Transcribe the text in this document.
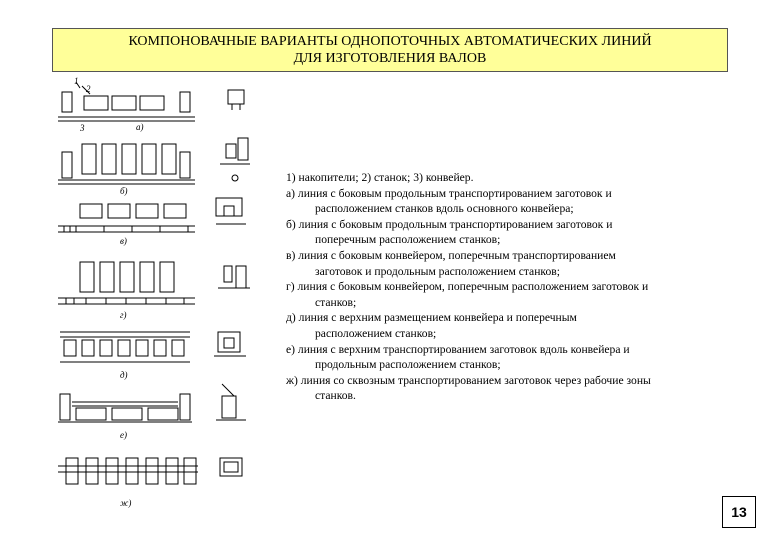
КОМПОНОВАЧНЫЕ ВАРИАНТЫ ОДНОПОТОЧНЫХ АВТОМАТИЧЕСКИХ ЛИНИЙ
ДЛЯ ИЗГОТОВЛЕНИЯ ВАЛОВ
1
2
3	а)
б)
в)
г)
д)
е)
ж)

1) накопители; 2) станок; 3) конвейер.

а) линия с боковым продольным транспортированием заготовок и
расположением станков вдоль основного конвейера;

б) линия с боковым продольным транспортированием заготовок и
поперечным расположением станков;

в) линия с боковым конвейером, поперечным транспортированием
заготовок и продольным расположением станков;

г) линия с боковым конвейером, поперечным расположением заготовок и
станков;

д) линия с верхним размещением конвейера и поперечным
расположением станков;

е) линия с верхним транспортированием заготовок вдоль конвейера и
продольным расположением станков;

ж) линия со сквозным транспортированием заготовок через рабочие зоны
станков.

13
